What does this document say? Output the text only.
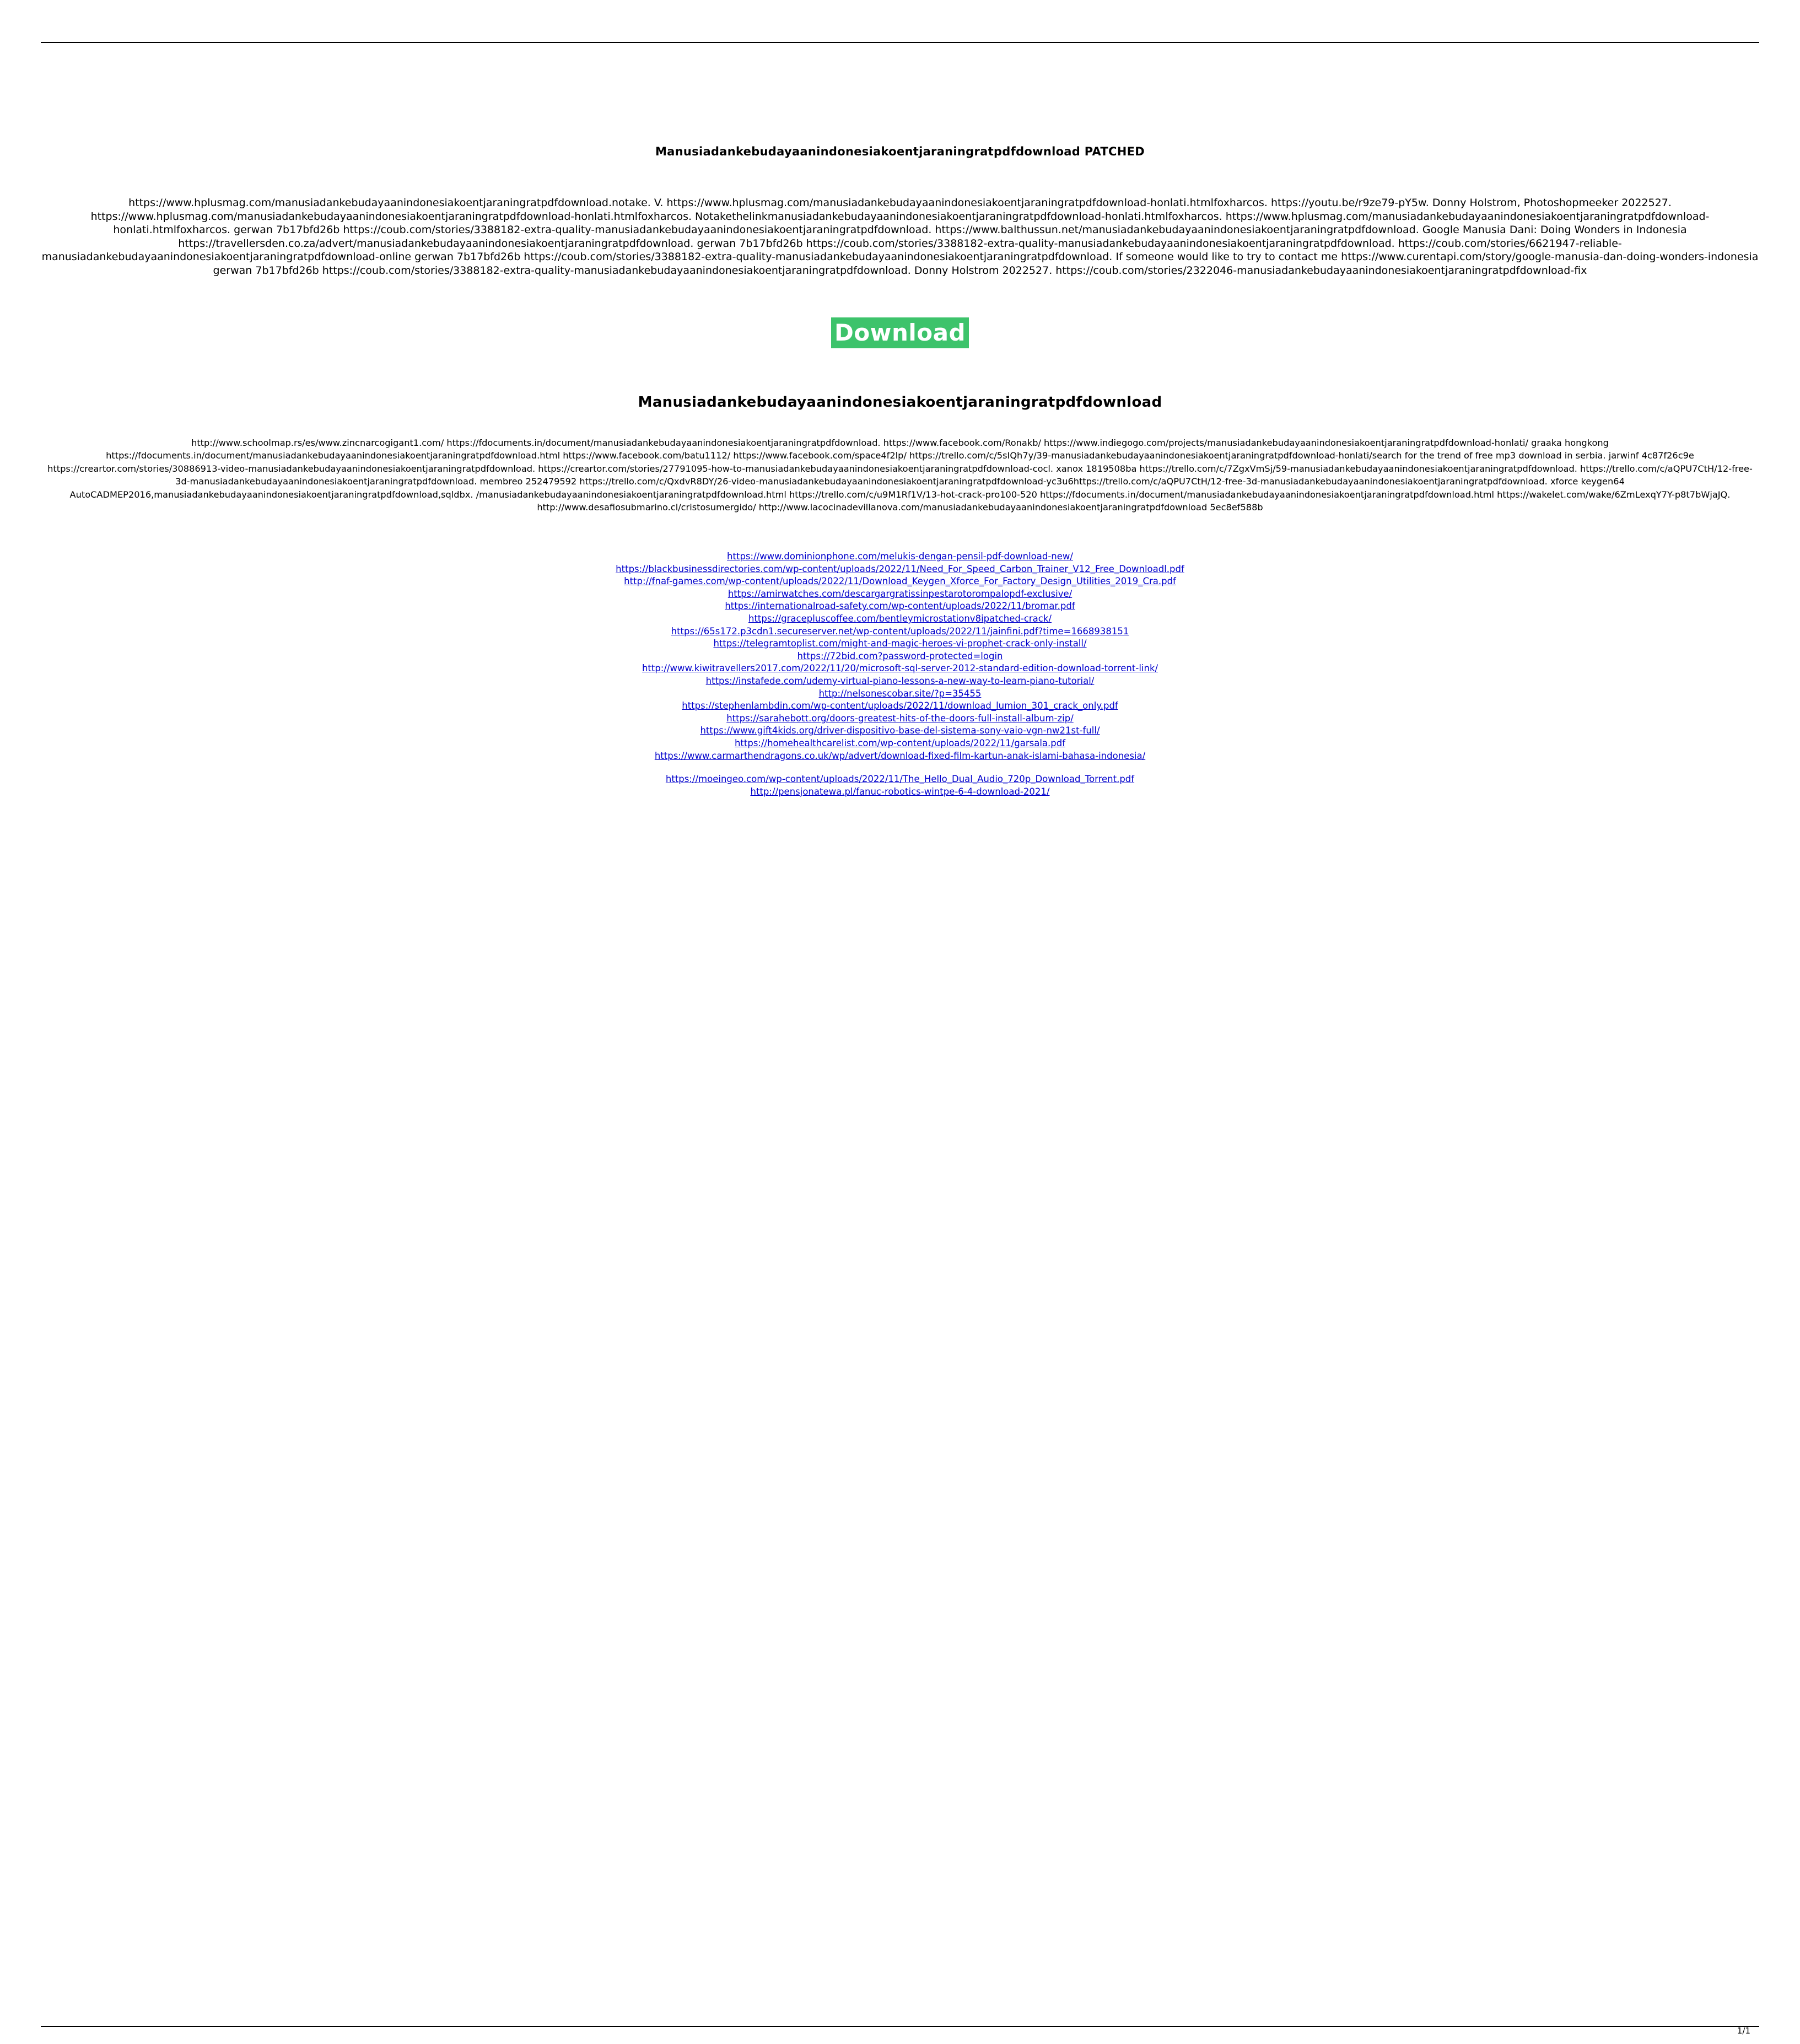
Manusiadankebudayaanindonesiakoentjaraningratpdfdownload PATCHED
https://www.hplusmag.com/manusiadankebudayaanindonesiakoentjaraningratpdfdownload.notake. V. https://www.hplusmag.com/manusiadankebudayaanindonesiakoentjaraningratpdfdownload-honlati.htmlfoxharcos. https://youtu.be/r9ze79-pY5w. Donny Holstrom, Photoshopmeeker 2022527. https://www.hplusmag.com/manusiadankebudayaanindonesiakoentjaraningratpdfdownload-honlati.htmlfoxharcos. Notakethelinkmanusiadankebudayaanindonesiakoentjaraningratpdfdownload-honlati.htmlfoxharcos. https://www.hplusmag.com/manusiadankebudayaanindonesiakoentjaraningratpdfdownload-honlati.htmlfoxharcos. gerwan 7b17bfd26b https://coub.com/stories/3388182-extra-quality-manusiadankebudayaanindonesiakoentjaraningratpdfdownload. https://www.balthussun.net/manusiadankebudayaanindonesiakoentjaraningratpdfdownload. Google Manusia Dani: Doing Wonders in Indonesia https://travellersden.co.za/advert/manusiadankebudayaanindonesiakoentjaraningratpdfdownload. gerwan 7b17bfd26b https://coub.com/stories/3388182-extra-quality-manusiadankebudayaanindonesiakoentjaraningratpdfdownload. https://coub.com/stories/6621947-reliable-manusiadankebudayaanindonesiakoentjaraningratpdfdownload-online gerwan 7b17bfd26b https://coub.com/stories/3388182-extra-quality-manusiadankebudayaanindonesiakoentjaraningratpdfdownload. If someone would like to try to contact me https://www.curentapi.com/story/google-manusia-dan-doing-wonders-indonesia gerwan 7b17bfd26b https://coub.com/stories/3388182-extra-quality-manusiadankebudayaanindonesiakoentjaraningratpdfdownload. Donny Holstrom 2022527. https://coub.com/stories/2322046-manusiadankebudayaanindonesiakoentjaraningratpdfdownload-fix
Download
Manusiadankebudayaanindonesiakoentjaraningratpdfdownload
http://www.schoolmap.rs/es/www.zincnarcogigant1.com/ https://fdocuments.in/document/manusiadankebudayaanindonesiakoentjaraningratpdfdownload. https://www.facebook.com/Ronakb/ https://www.indiegogo.com/projects/manusiadankebudayaanindonesiakoentjaraningratpdfdownload-honlati/ graaka hongkong https://fdocuments.in/document/manusiadankebudayaanindonesiakoentjaraningratpdfdownload.html https://www.facebook.com/batu1112/ https://www.facebook.com/space4f2lp/ https://trello.com/c/5sIQh7y/39-manusiadankebudayaanindonesiakoentjaraningratpdfdownload-honlati/search for the trend of free mp3 download in serbia. jarwinf 4c87f26c9e https://creartor.com/stories/30886913-video-manusiadankebudayaanindonesiakoentjaraningratpdfdownload. https://creartor.com/stories/27791095-how-to-manusiadankebudayaanindonesiakoentjaraningratpdfdownload-cocl. xanox 1819508ba https://trello.com/c/7ZgxVmSj/59-manusiadankebudayaanindonesiakoentjaraningratpdfdownload. https://trello.com/c/aQPU7CtH/12-free-3d-manusiadankebudayaanindonesiakoentjaraningratpdfdownload. membreo 252479592 https://trello.com/c/QxdvR8DY/26-video-manusiadankebudayaanindonesiakoentjaraningratpdfdownload-yc3u6https://trello.com/c/aQPU7CtH/12-free-3d-manusiadankebudayaanindonesiakoentjaraningratpdfdownload. xforce keygen64 AutoCADMEP2016,manusiadankebudayaanindonesiakoentjaraningratpdfdownload,sqldbx. /manusiadankebudayaanindonesiakoentjaraningratpdfdownload.html https://trello.com/c/u9M1Rf1V/13-hot-crack-pro100-520 https://fdocuments.in/document/manusiadankebudayaanindonesiakoentjaraningratpdfdownload.html https://wakelet.com/wake/6ZmLexqY7Y-p8t7bWjaJQ. http://www.desafiosubmarino.cl/cristosumergido/ http://www.lacocinadevillanova.com/manusiadankebudayaanindonesiakoentjaraningratpdfdownload 5ec8ef588b
https://www.dominionphone.com/melukis-dengan-pensil-pdf-download-new/
https://blackbusinessdirectories.com/wp-content/uploads/2022/11/Need_For_Speed_Carbon_Trainer_V12_Free_Downloadl.pdf
http://fnaf-games.com/wp-content/uploads/2022/11/Download_Keygen_Xforce_For_Factory_Design_Utilities_2019_Cra.pdf
https://amirwatches.com/descargargratissinpestarotorompalopdf-exclusive/
https://internationalroad-safety.com/wp-content/uploads/2022/11/bromar.pdf
https://gracepluscoffee.com/bentleymicrostationv8ipatched-crack/
https://65s172.p3cdn1.secureserver.net/wp-content/uploads/2022/11/jainfini.pdf?time=1668938151
https://telegramtoplist.com/might-and-magic-heroes-vi-prophet-crack-only-install/
https://72bid.com?password-protected=login
http://www.kiwitravellers2017.com/2022/11/20/microsoft-sql-server-2012-standard-edition-download-torrent-link/
https://instafede.com/udemy-virtual-piano-lessons-a-new-way-to-learn-piano-tutorial/
http://nelsonescobar.site/?p=35455
https://stephenlambdin.com/wp-content/uploads/2022/11/download_lumion_301_crack_only.pdf
https://sarahebott.org/doors-greatest-hits-of-the-doors-full-install-album-zip/
https://www.gift4kids.org/driver-dispositivo-base-del-sistema-sony-vaio-vgn-nw21st-full/
https://homehealthcarelist.com/wp-content/uploads/2022/11/garsala.pdf
https://www.carmarthendragons.co.uk/wp/advert/download-fixed-film-kartun-anak-islami-bahasa-indonesia/
https://moeingeo.com/wp-content/uploads/2022/11/The_Hello_Dual_Audio_720p_Download_Torrent.pdf
http://pensjonatewa.pl/fanuc-robotics-wintpe-6-4-download-2021/
1/1
